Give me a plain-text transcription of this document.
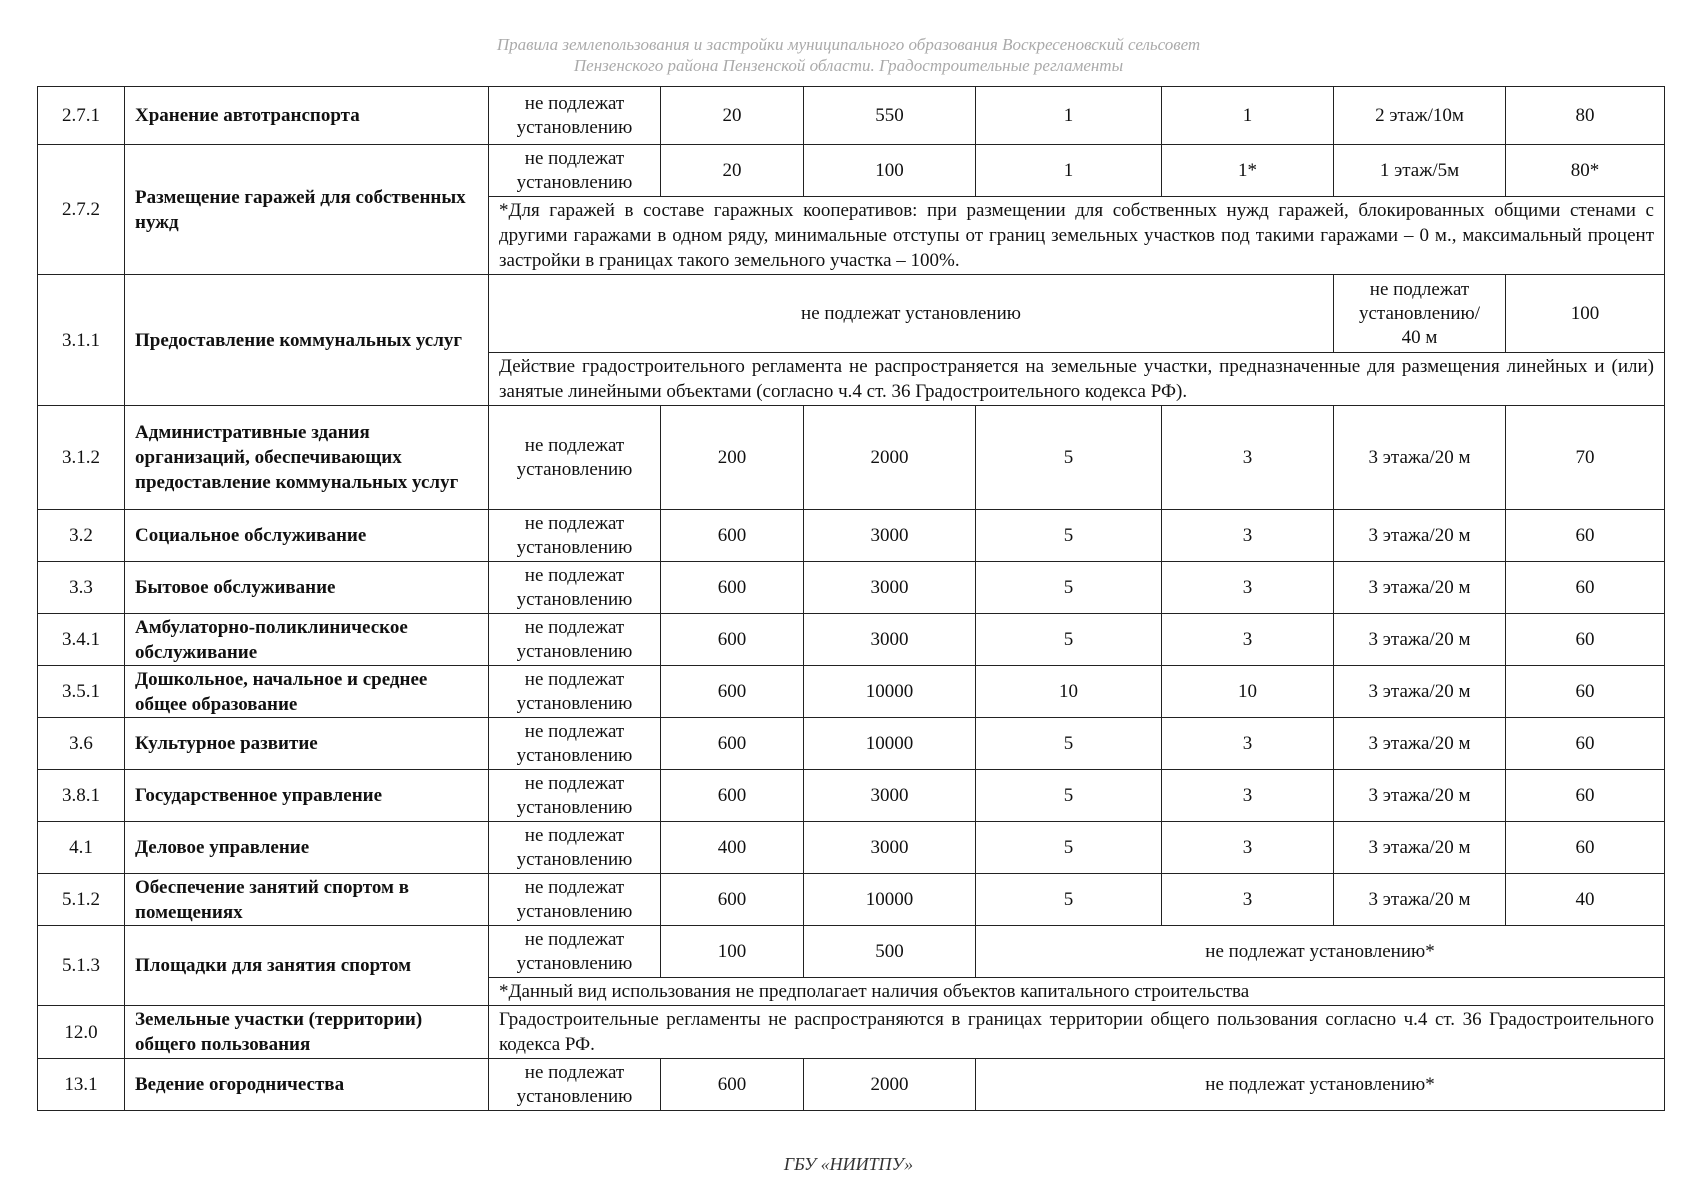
Правила землепользования и застройки муниципального образования Воскресеновский сельсовет
Пензенского района Пензенской области. Градостроительные регламенты
2.7.1	Хранение автотранспорта	не подлежат
установлению	20	550	1	1	2 этаж/10м	80
2.7.2	Размещение гаражей для собственных нужд	не подлежат
установлению	20	100	1	1*	1 этаж/5м	80*
		*Для гаражей в составе гаражных кооперативов: при размещении для собственных нужд гаражей, блокированных общими стенами с другими гаражами в одном ряду, минимальные отступы от границ земельных участков под такими гаражами – 0 м., максимальный процент застройки в границах такого земельного участка – 100%.						
3.1.1	Предоставление коммунальных услуг	не подлежат установлению					не подлежат
установлению/
40 м	100
		Действие градостроительного регламента не распространяется на земельные участки, предназначенные для размещения линейных и (или) занятые линейными объектами (согласно ч.4 ст. 36 Градостроительного кодекса РФ).						
3.1.2	Административные здания организаций, обеспечивающих предоставление коммунальных услуг	не подлежат
установлению	200	2000	5	3	3 этажа/20 м	70
3.2	Социальное обслуживание	не подлежат
установлению	600	3000	5	3	3 этажа/20 м	60
3.3	Бытовое обслуживание	не подлежат
установлению	600	3000	5	3	3 этажа/20 м	60
3.4.1	Амбулаторно-поликлиническое обслуживание	не подлежат
установлению	600	3000	5	3	3 этажа/20 м	60
3.5.1	Дошкольное, начальное и среднее общее образование	не подлежат
установлению	600	10000	10	10	3 этажа/20 м	60
3.6	Культурное развитие	не подлежат
установлению	600	10000	5	3	3 этажа/20 м	60
3.8.1	Государственное управление	не подлежат
установлению	600	3000	5	3	3 этажа/20 м	60
4.1	Деловое управление	не подлежат
установлению	400	3000	5	3	3 этажа/20 м	60
5.1.2	Обеспечение занятий спортом в помещениях	не подлежат
установлению	600	10000	5	3	3 этажа/20 м	40
5.1.3	Площадки для занятия спортом	не подлежат
установлению	100	500	не подлежат установлению*			
		*Данный вид использования не предполагает наличия объектов капитального строительства						
12.0	Земельные участки (территории) общего пользования	Градостроительные регламенты не распространяются в границах территории общего пользования согласно ч.4 ст. 36 Градостроительного кодекса РФ.						
13.1	Ведение огородничества	не подлежат
установлению	600	2000	не подлежат установлению*			
ГБУ «НИИТПУ»
